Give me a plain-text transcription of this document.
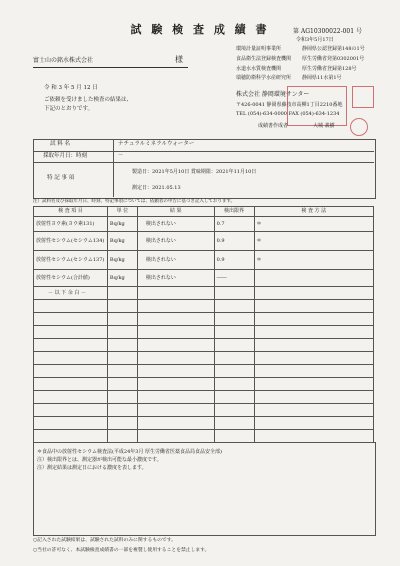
試 験 検 査 成 績 書	第 AG10300022-001 号
令和3年5月17日
環境計量証明事業所	静岡県公認登録第148の1号
食品衛生法登録検査機関 厚生労働省発第0302001号
水道水水質検査機関	厚生労働省登録第128号
瑞穂防衛科学水産研究所 静岡県11水第1号
富士山の銘水株式会社	様
令 和 3 年 5 月 12 日
ご依頼を受けました検査の結果は、
下記のとおりです。
株式会社 静岡環境サンター
〒426-0041 静岡県藤枝市高柳1丁目2210番地
TEL (054)-634-0000 FAX (054)-634-1234
成績書作成者	大城 義樹
試 料 名	ナチュラルミネラルウォーター
採取年月日：時刻	－
特 記 事 項
製造日：2021年5月10日 賞味期限：2021年11月10日
測定日：2021.05.13
注）試料名及び採取年月日、時刻、特記事項については、依頼者の申告に基づき記入しております。
検 査 項 目	単 位	結 果	検出限界	検 査 方 法
放射性ヨウ素(ヨウ素131)	Bq/kg	検出されない	0.7	＊
放射性セシウム(セシウム134)	Bq/kg	検出されない	0.9	＊
放射性セシウム(セシウム137)	Bq/kg	検出されない	0.9	＊
放射性セシウム(合計値)	Bq/kg	検出されない	――	
－ 以 下 余 白 －				

＊食品中の放射性セシウム検査法(平成24年3月 厚生労働省医薬食品局食品安全部)
注）検出限界とは、測定器が検出可能な最小濃度です。
注）測定結果は測定日における濃度を表します。
○記入された試験結果は、試験された試料のみに関するものです。
○当社の許可なく、本試験検査成績書の一部を複製し使用することを禁止します。
